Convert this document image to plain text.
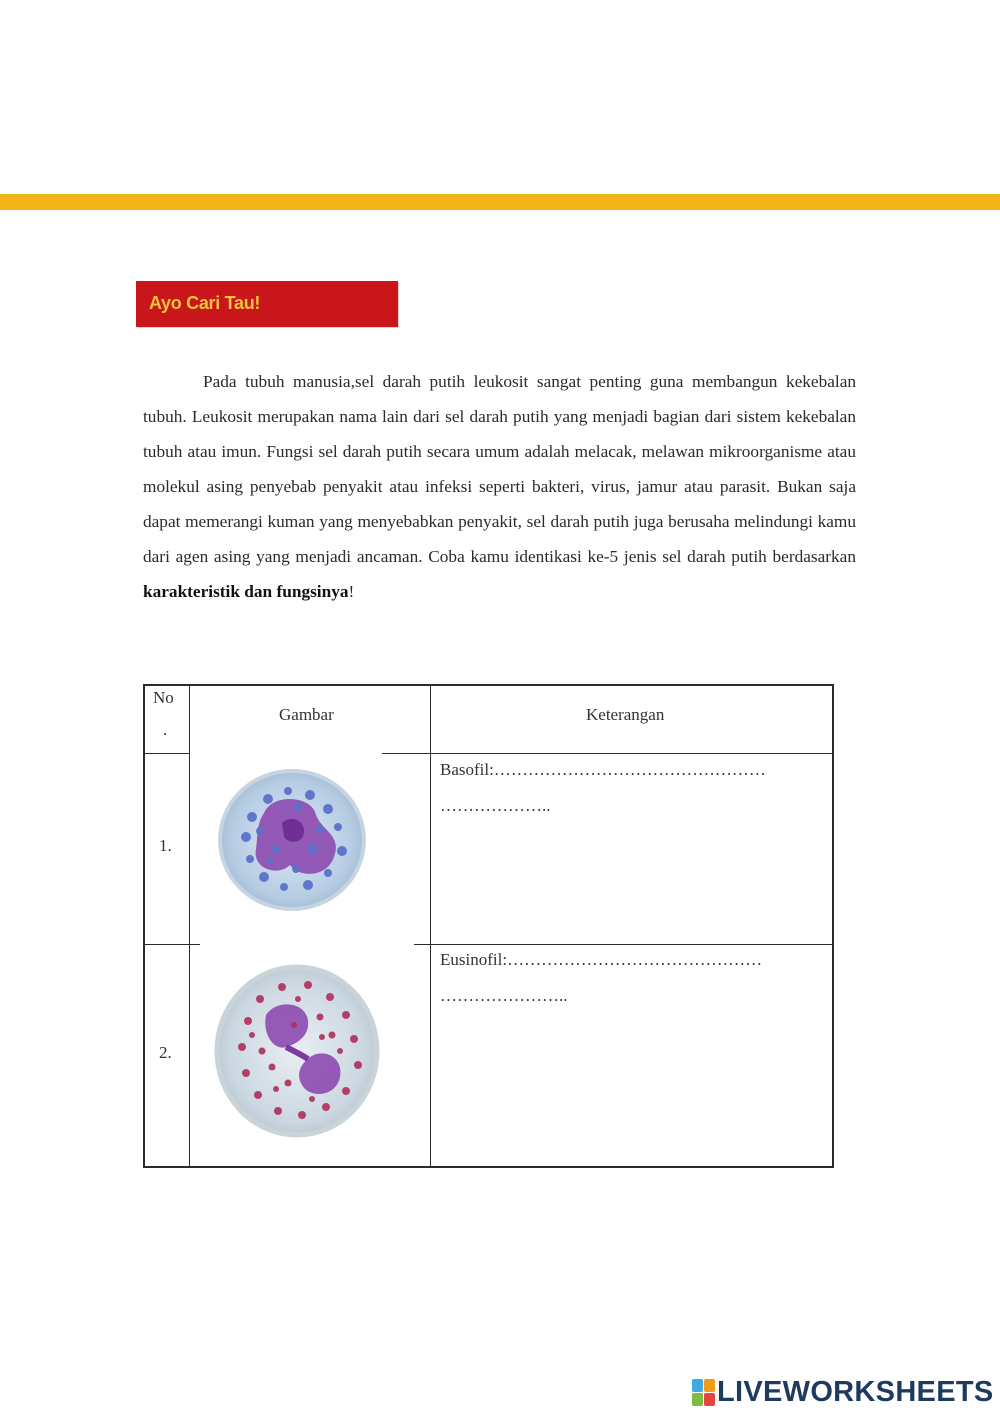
Ayo Cari Tau!

Pada tubuh manusia,sel darah putih leukosit sangat penting guna membangun kekebalan tubuh. Leukosit merupakan nama lain dari sel darah putih yang menjadi bagian dari sistem kekebalan tubuh atau imun. Fungsi sel darah putih secara umum adalah melacak, melawan mikroorganisme atau molekul asing penyebab penyakit atau infeksi seperti bakteri, virus, jamur atau parasit. Bukan saja dapat memerangi kuman yang menyebabkan penyakit, sel darah putih juga berusaha melindungi kamu dari agen asing yang menjadi ancaman. Coba kamu identikasi ke-5 jenis sel darah putih berdasarkan karakteristik dan fungsinya!

No
.
Gambar	Keterangan
1.
Basofil:…………………………………………
………………..
2.
Eusinofil:………………………………………
…………………..
LIVEWORKSHEETS
